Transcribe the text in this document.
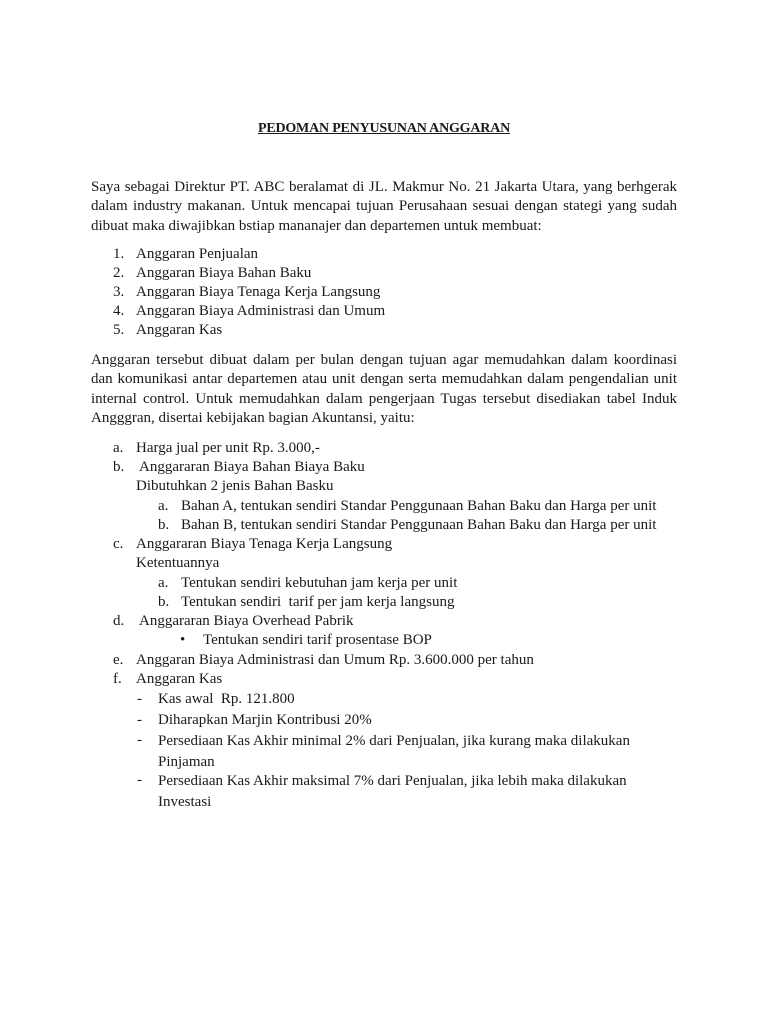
PEDOMAN PENYUSUNAN ANGGARAN

Saya sebagai Direktur PT. ABC beralamat di JL. Makmur No. 21 Jakarta Utara, yang berhgerak dalam industry makanan. Untuk mencapai tujuan Perusahaan sesuai dengan stategi yang sudah dibuat maka diwajibkan bstiap mananajer dan departemen untuk membuat:

1. Anggaran Penjualan
2. Anggaran Biaya Bahan Baku
3. Anggaran Biaya Tenaga Kerja Langsung
4. Anggaran Biaya Administrasi dan Umum
5. Anggaran Kas

Anggaran tersebut dibuat dalam per bulan dengan tujuan agar memudahkan dalam koordinasi dan komunikasi antar departemen atau unit dengan serta memudahkan dalam pengendalian unit internal control. Untuk memudahkan dalam pengerjaan Tugas tersebut disediakan tabel Induk Angggran, disertai kebijakan bagian Akuntansi, yaitu:

a. Harga jual per unit Rp. 3.000,-
b. Anggararan Biaya Bahan Biaya Baku
Dibutuhkan 2 jenis Bahan Basku
a. Bahan A, tentukan sendiri Standar Penggunaan Bahan Baku dan Harga per unit
b. Bahan B, tentukan sendiri Standar Penggunaan Bahan Baku dan Harga per unit
c. Anggararan Biaya Tenaga Kerja Langsung
Ketentuannya
a. Tentukan sendiri kebutuhan jam kerja per unit
b. Tentukan sendiri  tarif per jam kerja langsung
d. Anggararan Biaya Overhead Pabrik
• Tentukan sendiri tarif prosentase BOP
e. Anggaran Biaya Administrasi dan Umum Rp. 3.600.000 per tahun
f. Anggaran Kas
- Kas awal  Rp. 121.800
- Diharapkan Marjin Kontribusi 20%
- Persediaan Kas Akhir minimal 2% dari Penjualan, jika kurang maka dilakukan Pinjaman
- Persediaan Kas Akhir maksimal 7% dari Penjualan, jika lebih maka dilakukan Investasi
